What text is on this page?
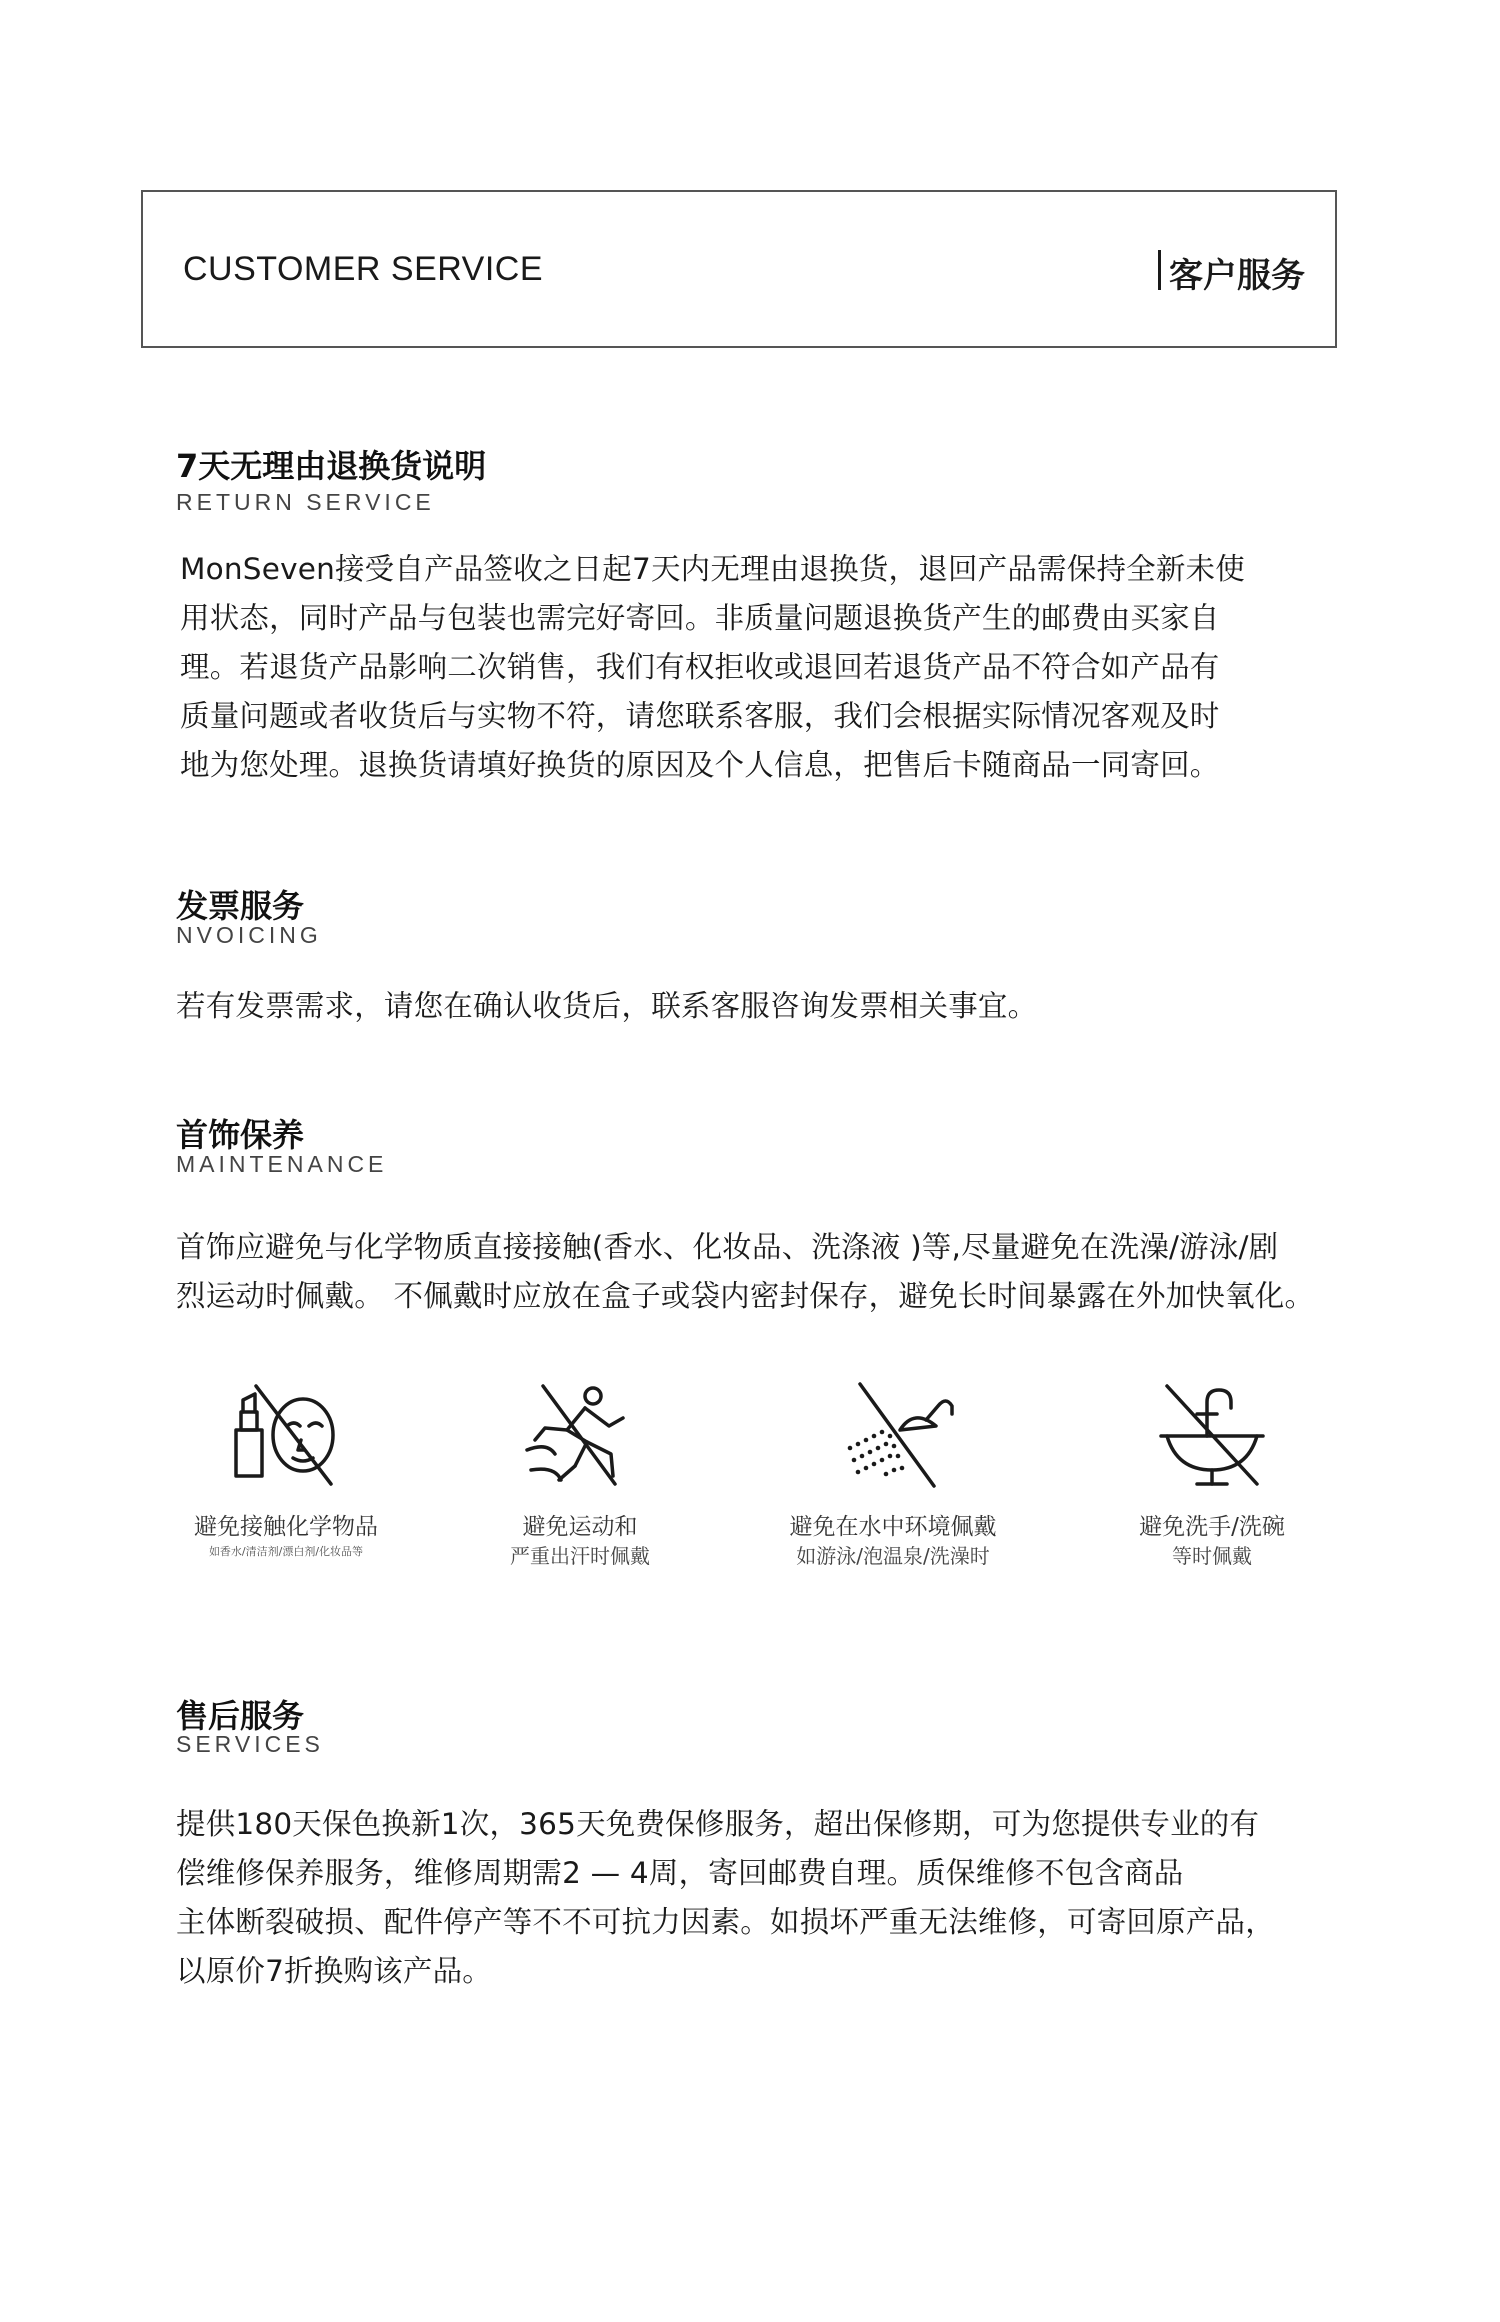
CUSTOMER SERVICE	客户服务
7天无理由退换货说明
RETURN SERVICE
MonSeven接受自产品签收之日起7天内无理由退换货，退回产品需保持全新未使
用状态，同时产品与包装也需完好寄回。非质量问题退换货产生的邮费由买家自
理。若退货产品影响二次销售，我们有权拒收或退回若退货产品不符合如产品有
质量问题或者收货后与实物不符，请您联系客服，我们会根据实际情况客观及时
地为您处理。退换货请填好换货的原因及个人信息，把售后卡随商品一同寄回。
发票服务
NVOICING
若有发票需求，请您在确认收货后，联系客服咨询发票相关事宜。
首饰保养
MAINTENANCE
首饰应避免与化学物质直接接触(香水、化妆品、洗涤液 )等,尽量避免在洗澡/游泳/剧
烈运动时佩戴。 不佩戴时应放在盒子或袋内密封保存，避免长时间暴露在外加快氧化。
避免接触化学物品
如香水/清洁剂/漂白剂/化妆品等
避免运动和
严重出汗时佩戴
避免在水中环境佩戴
如游泳/泡温泉/洗澡时
避免洗手/洗碗
等时佩戴
售后服务
SERVICES
提供180天保色换新1次，365天免费保修服务，超出保修期，可为您提供专业的有
偿维修保养服务，维修周期需2 — 4周，寄回邮费自理。质保维修不包含商品
主体断裂破损、配件停产等不不可抗力因素。如损坏严重无法维修，可寄回原产品，
以原价7折换购该产品。
